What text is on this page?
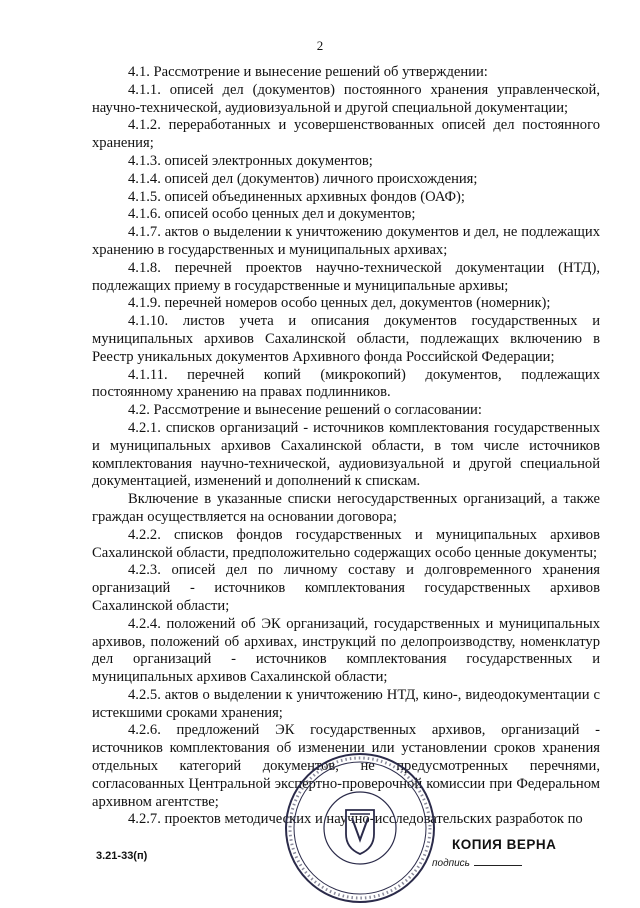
2

4.1. Рассмотрение и вынесение решений об утверждении:

4.1.1. описей дел (документов) постоянного хранения управленческой, научно-технической, аудиовизуальной и другой специальной документации;

4.1.2. переработанных и усовершенствованных описей дел постоянного хранения;

4.1.3. описей электронных документов;

4.1.4. описей дел (документов) личного происхождения;

4.1.5. описей объединенных архивных фондов (ОАФ);

4.1.6. описей особо ценных дел и документов;

4.1.7. актов о выделении к уничтожению документов и дел, не подлежащих хранению в государственных и муниципальных архивах;

4.1.8. перечней проектов научно-технической документации (НТД), подлежащих приему в государственные и муниципальные архивы;

4.1.9. перечней номеров особо ценных дел, документов (номерник);

4.1.10. листов учета и описания документов государственных и муниципальных архивов Сахалинской области, подлежащих включению в Реестр уникальных документов Архивного фонда Российской Федерации;

4.1.11. перечней копий (микрокопий) документов, подлежащих постоянному хранению на правах подлинников.

4.2. Рассмотрение и вынесение решений о согласовании:

4.2.1. списков организаций - источников комплектования государственных и муниципальных архивов Сахалинской области, в том числе источников комплектования научно-технической, аудиовизуальной и другой специальной документацией, изменений и дополнений к спискам.

Включение в указанные списки негосударственных организаций, а также граждан осуществляется на основании договора;

4.2.2. списков фондов государственных и муниципальных архивов Сахалинской области, предположительно содержащих особо ценные документы;

4.2.3. описей дел по личному составу и долговременного хранения организаций - источников комплектования государственных архивов Сахалинской области;

4.2.4. положений об ЭК организаций, государственных и муниципальных архивов, положений об архивах, инструкций по делопроизводству, номенклатур дел организаций - источников комплектования государственных и муниципальных архивов Сахалинской области;

4.2.5. актов о выделении к уничтожению НТД, кино-, видеодокументации с истекшими сроками хранения;

4.2.6. предложений ЭК государственных архивов, организаций - источников комплектования об изменении или установлении сроков хранения отдельных категорий документов, не предусмотренных перечнями, согласованных Центральной экспертно-проверочной комиссии при Федеральном архивном агентстве;

4.2.7. проектов методических и научно-исследовательских разработок по

КОПИЯ ВЕРНА
подпись
3.21-33(п)
